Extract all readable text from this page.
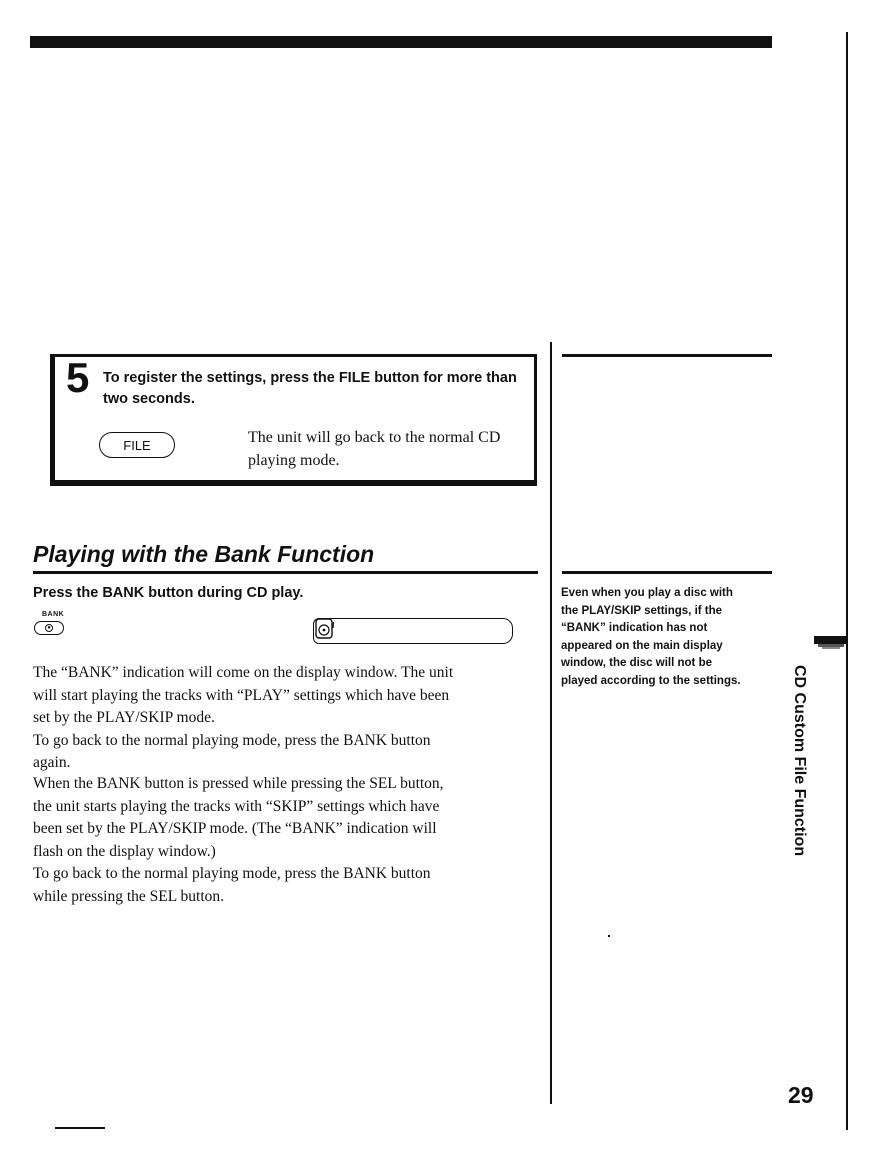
5 To register the settings, press the FILE button for more than two seconds.
FILE	The unit will go back to the normal CD playing mode.
Playing with the Bank Function
Press the BANK button during CD play.
BANK
●

The “BANK” indication will come on the display window. The unit

will start playing the tracks with “PLAY” settings which have been

set by the PLAY/SKIP mode.

To go back to the normal playing mode, press the BANK button

again.

When the BANK button is pressed while pressing the SEL button,

the unit starts playing the tracks with “SKIP” settings which have

been set by the PLAY/SKIP mode. (The “BANK” indication will

flash on the display window.)

To go back to the normal playing mode, press the BANK button

while pressing the SEL button.

Even when you play a disc with
the PLAY/SKIP settings, if the
“BANK” indication has not
appeared on the main display
window, the disc will not be
played according to the settings.	CD Custom File Function
29
